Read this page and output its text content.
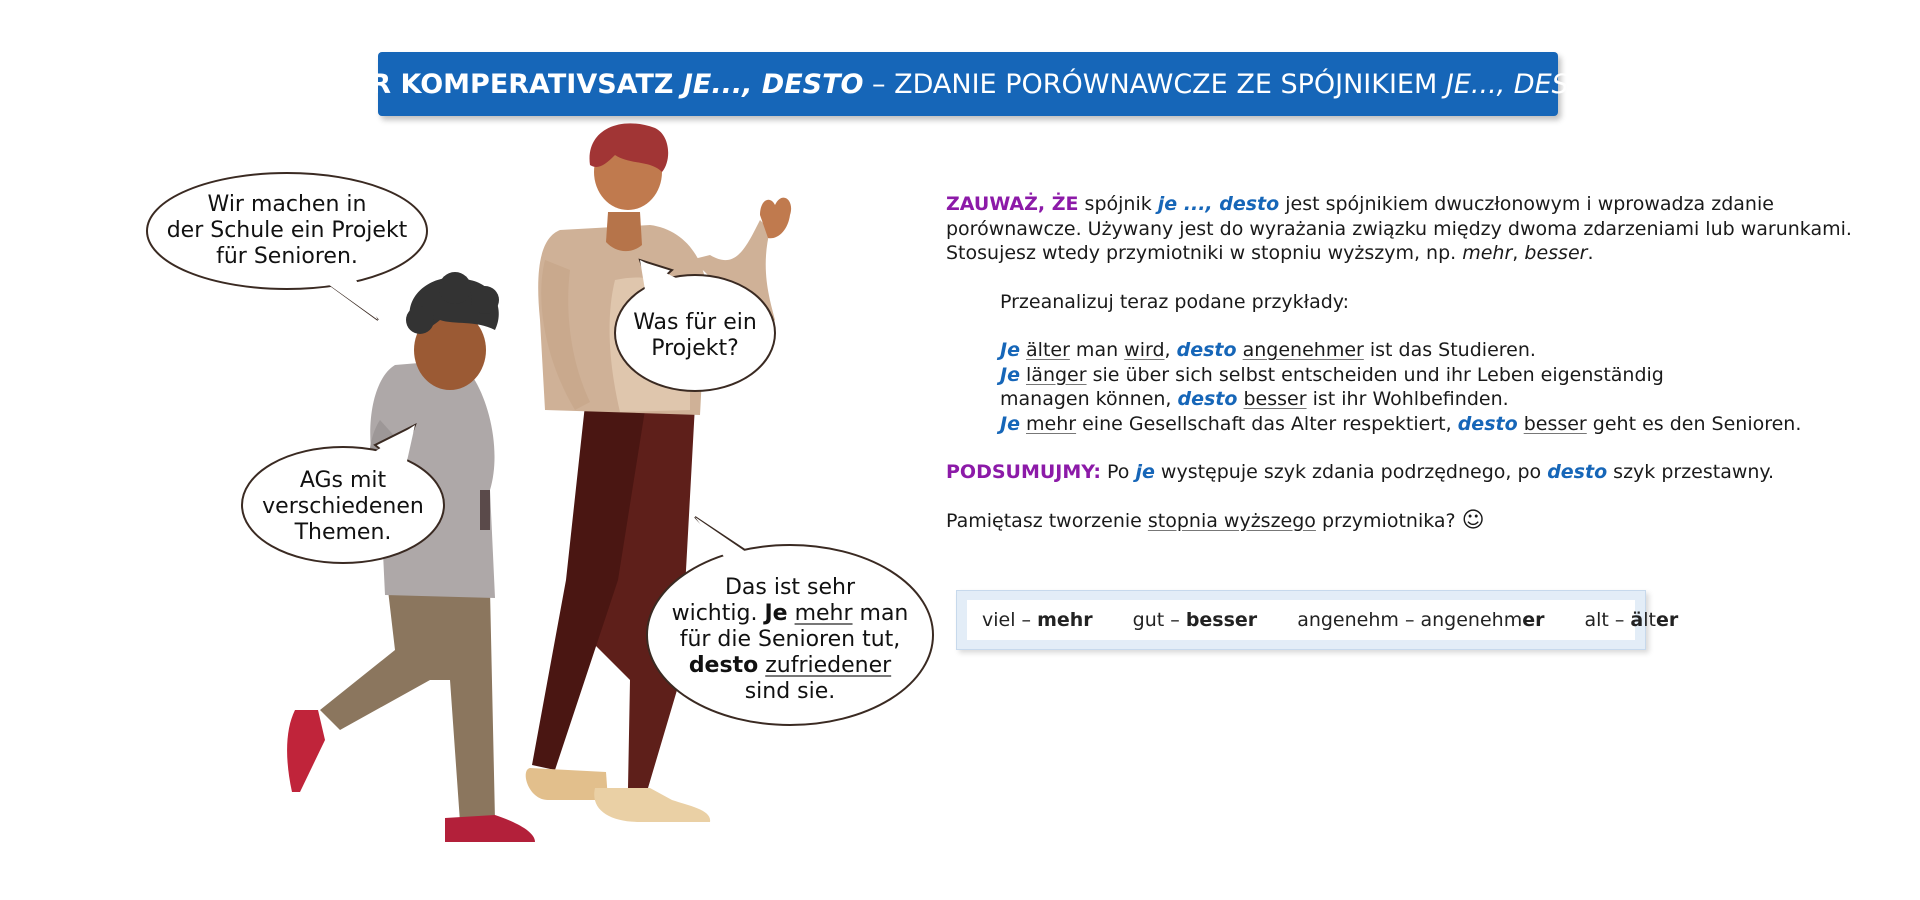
DER KOMPERATIVSATZ JE..., DESTO – ZDANIE PORÓWNAWCZE ZE SPÓJNIKIEM JE..., DESTO
Wir machen in
der Schule ein Projekt
für Senioren.
Was für ein
Projekt?
AGs mit
verschiedenen
Themen.
Das ist sehr
wichtig. Je mehr man
für die Senioren tut,
desto zufriedener
sind sie.

ZAUWAŻ, ŻE spójnik je ..., desto jest spójnikiem dwuczłonowym i wprowadza zdanie porównawcze. Używany jest do wyrażania związku między dwoma zdarzeniami lub warunkami.

Stosujesz wtedy przymiotniki w stopniu wyższym, np. mehr, besser.

Przeanalizuj teraz podane przykłady:

Je älter man wird, desto angenehmer ist das Studieren.

Je länger sie über sich selbst entscheiden und ihr Leben eigenständig
managen können, desto besser ist ihr Wohlbefinden.

Je mehr eine Gesellschaft das Alter respektiert, desto besser geht es den Senioren.

PODSUMUJMY: Po je występuje szyk zdania podrzędnego, po desto szyk przestawny.

Pamiętasz tworzenie stopnia wyższego przymiotnika? ☺

viel – mehr gut – besser angenehm – angenehmer alt – älter
